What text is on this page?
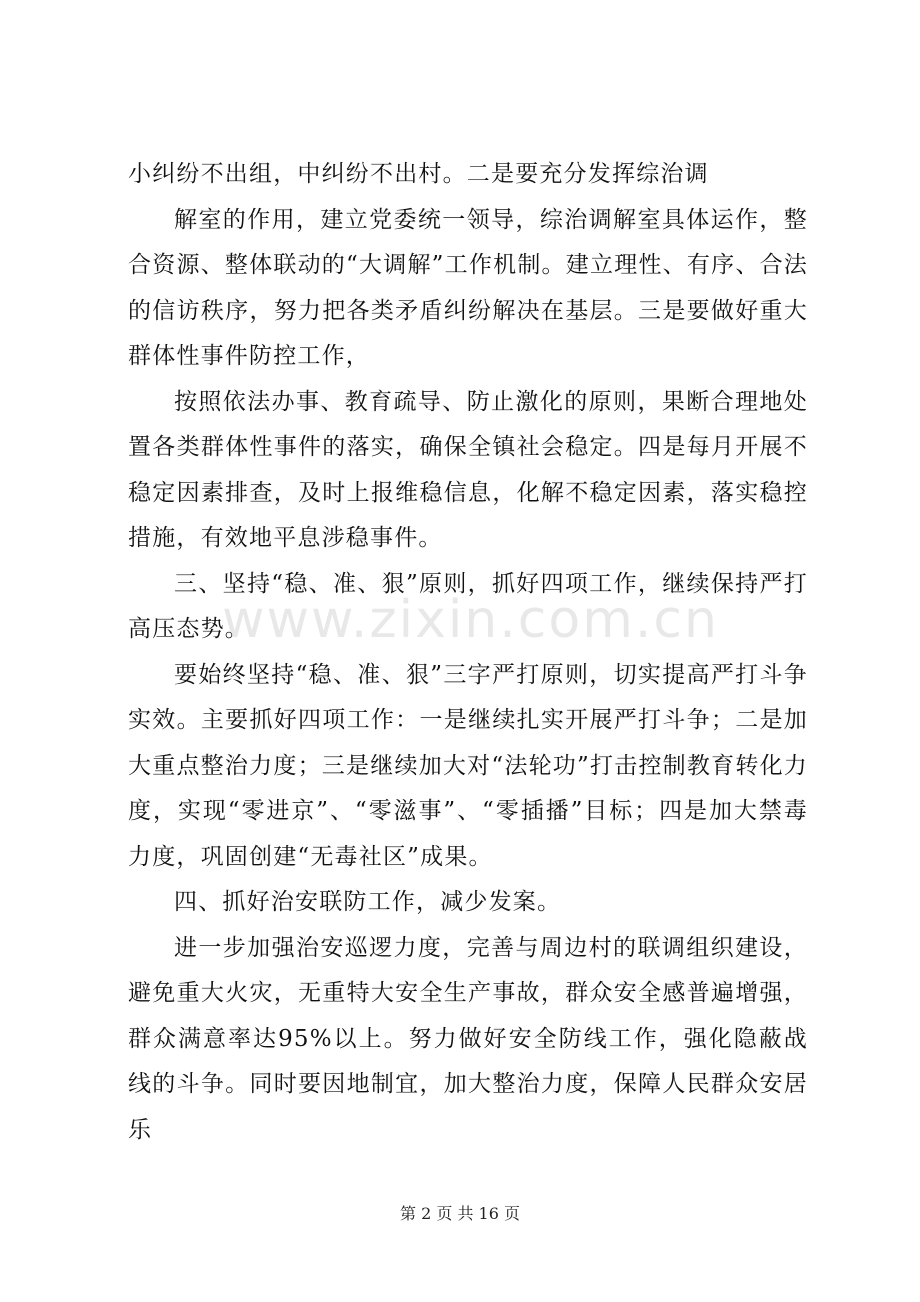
小纠纷不出组，中纠纷不出村。二是要充分发挥综治调

解室的作用，建立党委统一领导，综治调解室具体运作，整合资源、整体联动的“大调解”工作机制。建立理性、有序、合法的信访秩序，努力把各类矛盾纠纷解决在基层。三是要做好重大群体性事件防控工作，

按照依法办事、教育疏导、防止激化的原则，果断合理地处置各类群体性事件的落实，确保全镇社会稳定。四是每月开展不稳定因素排查，及时上报维稳信息，化解不稳定因素，落实稳控措施，有效地平息涉稳事件。

三、坚持“稳、准、狠”原则，抓好四项工作，继续保持严打高压态势。

要始终坚持“稳、准、狠”三字严打原则，切实提高严打斗争实效。主要抓好四项工作：一是继续扎实开展严打斗争；二是加大重点整治力度；三是继续加大对“法轮功”打击控制教育转化力度，实现“零进京”、“零滋事”、“零插播”目标；四是加大禁毒力度，巩固创建“无毒社区”成果。

四、抓好治安联防工作，减少发案。

进一步加强治安巡逻力度，完善与周边村的联调组织建设，避免重大火灾，无重特大安全生产事故，群众安全感普遍增强，群众满意率达95%以上。努力做好安全防线工作，强化隐蔽战线的斗争。同时要因地制宜，加大整治力度，保障人民群众安居乐

www.zixin.com.cn
第 2 页 共 16 页
